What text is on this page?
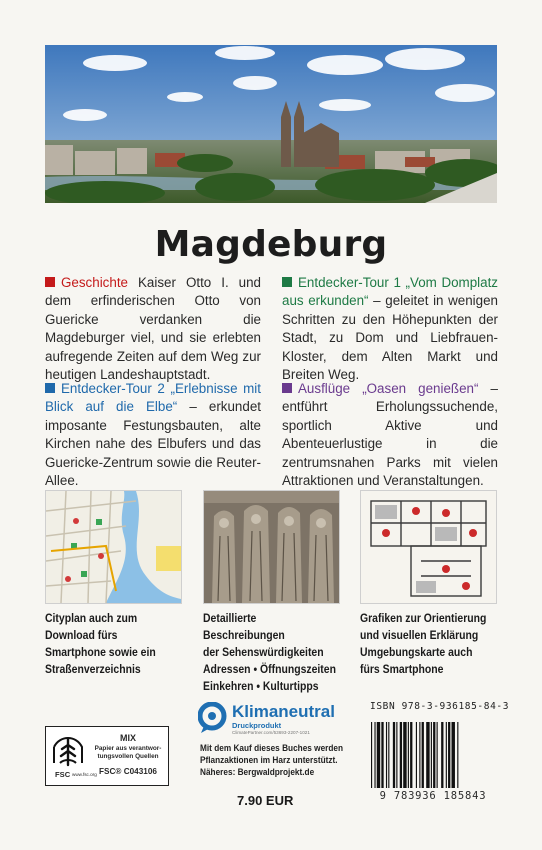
Magdeburg
Geschichte Kaiser Otto I. und dem erfinderischen Otto von Guericke verdanken die Magdeburger viel, und sie erlebten aufregende Zeiten auf dem Weg zur heutigen Landeshauptstadt.
Entdecker-Tour 1 „Vom Domplatz aus erkunden“ – geleitet in wenigen Schritten zu den Höhepunkten der Stadt, zu Dom und Liebfrauen-Kloster, dem Alten Markt und Breiten Weg.
Entdecker-Tour 2 „Erlebnisse mit Blick auf die Elbe“ – erkundet imposante Festungsbauten, alte Kirchen nahe des Elbufers und das Guericke-Zentrum sowie die Reuter-Allee.
Ausflüge „Oasen genießen“ – entführt Erholungssuchende, sportlich Aktive und Abenteuerlustige in die zentrumsnahen Parks mit vielen Attraktionen und Veranstaltungen.
Cityplan auch zum
Download fürs
Smartphone sowie ein
Straßenverzeichnis
Detaillierte Beschreibungen
der Sehenswürdigkeiten
Adressen • Öffnungszeiten
Einkehren • Kulturtipps
Grafiken zur Orientierung
und visuellen Erklärung
Umgebungskarte auch
fürs Smartphone
FSC www.fsc.org
MIX
Papier aus verantwor-
tungsvollen Quellen
FSC® C043106
Klimaneutral
Druckprodukt
ClimatePartner.com/53693-2207-1021
Mit dem Kauf dieses Buches werden
Pflanzaktionen im Harz unterstützt.
Näheres: Bergwaldprojekt.de
7.90 EUR
ISBN 978-3-936185-84-3
9 783936 185843
